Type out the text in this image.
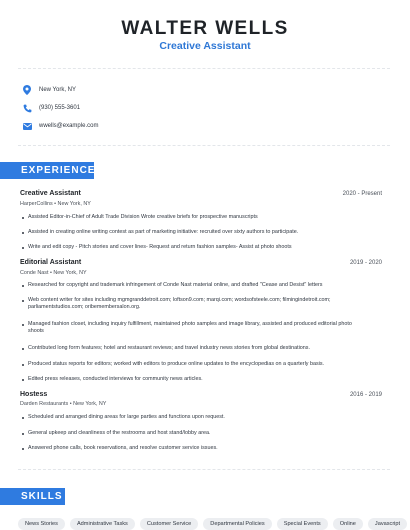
WALTER WELLS
Creative Assistant
New York, NY
(930) 555-3601
wwells@example.com
EXPERIENCE
Creative Assistant	2020 - Present
HarperCollins • New York, NY
Assisted Editor-in-Chief of Adult Trade Division Wrote creative briefs for prospective manuscripts
Assisted in creating online writing contest as part of marketing initiative: recruited over sixty authors to participate.
Write and edit copy - Pitch stories and cover lines- Request and return fashion samples- Assist at photo shoots
Editorial Assistant	2019 - 2020
Conde Nast • New York, NY
Researched for copyright and trademark infringement of Conde Nast material online, and drafted "Cease and Desist" letters
Web content writer for sites including mgmgranddetroit.com; loftson9.com; marqi.com; wordsofsteele.com; filmingindetroit.com; parliamentstudios.com; oribemembersalon.org.
Managed fashion closet, including inquiry fulfillment, maintained photo samples and image library, assisted and produced editorial photo shoots
Contributed long form features; hotel and restaurant reviews; and travel industry news stories from global destinations.
Produced status reports for editors; worked with editors to produce online updates to the encyclopedias on a quarterly basis.
Edited press releases, conducted interviews for community news articles.
Hostess	2016 - 2019
Darden Restaurants • New York, NY
Scheduled and arranged dining areas for large parties and functions upon request.
General upkeep and cleanliness of the restrooms and host stand/lobby area.
Answered phone calls, book reservations, and resolve customer service issues.
SKILLS
News Stories	Administrative Tasks	Customer Service	Departmental Policies	Special Events	Online	Javascript
